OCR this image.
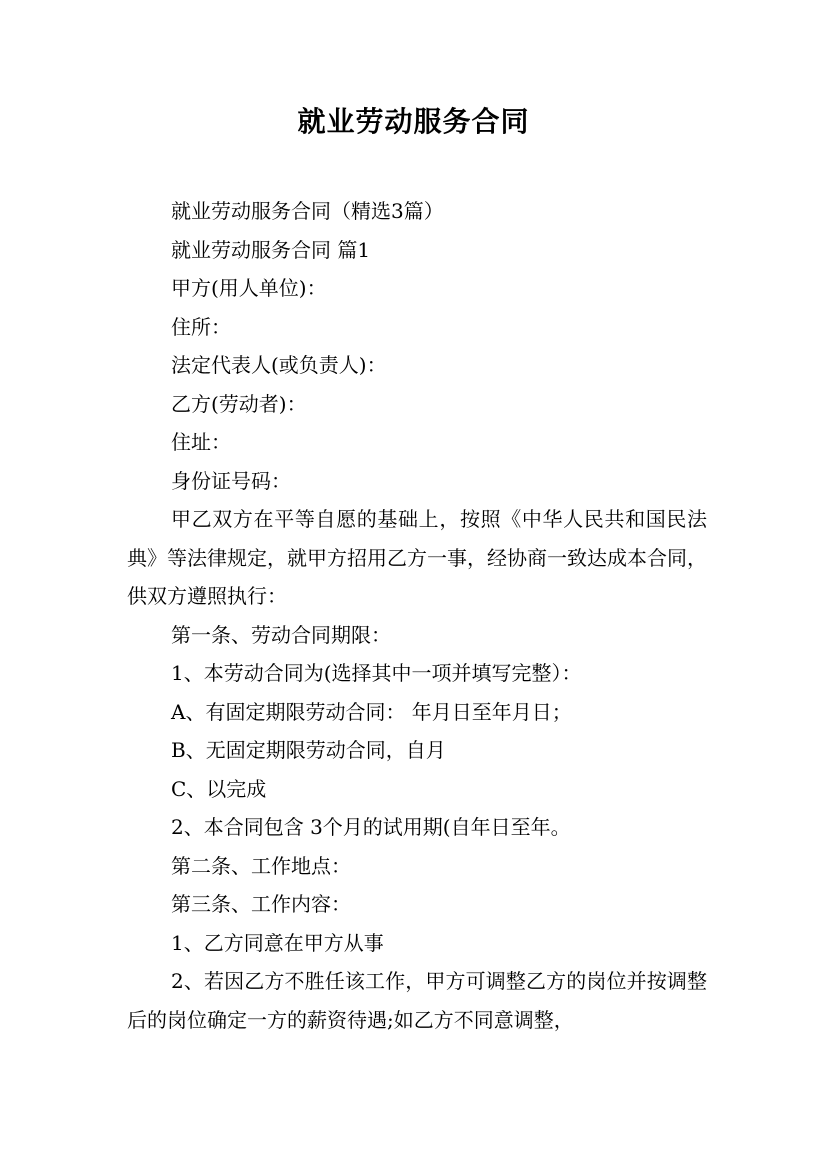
就业劳动服务合同
就业劳动服务合同（精选3篇）
就业劳动服务合同 篇1
甲方(用人单位)：
住所：
法定代表人(或负责人)：
乙方(劳动者)：
住址：
身份证号码：
甲乙双方在平等自愿的基础上，按照《中华人民共和国民法典》等法律规定，就甲方招用乙方一事，经协商一致达成本合同，供双方遵照执行：
第一条、劳动合同期限：
1、本劳动合同为(选择其中一项并填写完整）：
A、有固定期限劳动合同： 年月日至年月日；
B、无固定期限劳动合同，自月
C、以完成
2、本合同包含 3个月的试用期(自年日至年。
第二条、工作地点：
第三条、工作内容：
1、乙方同意在甲方从事
2、若因乙方不胜任该工作，甲方可调整乙方的岗位并按调整后的岗位确定一方的薪资待遇;如乙方不同意调整，
